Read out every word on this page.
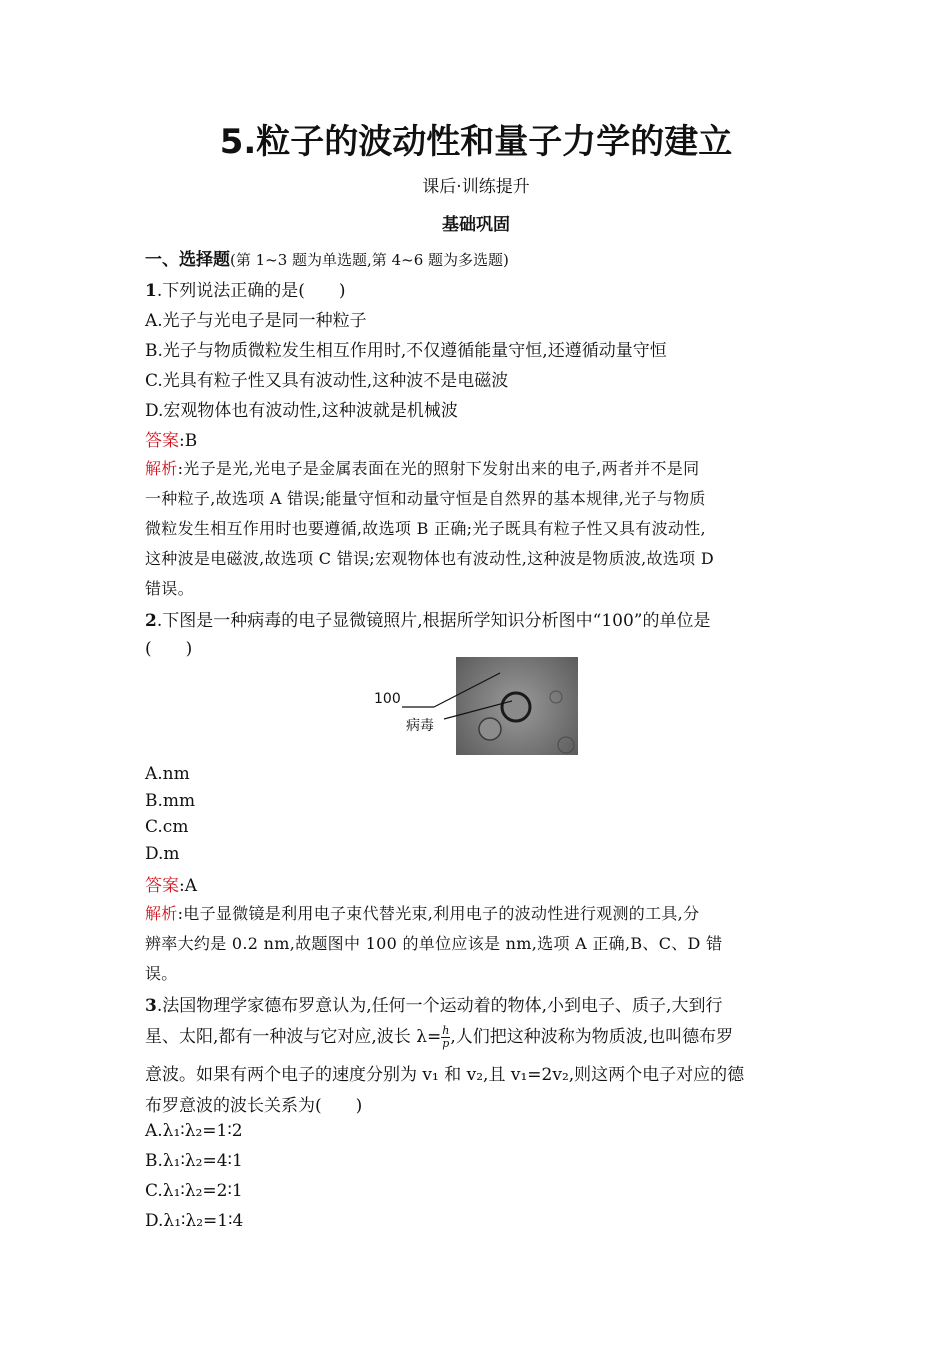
5.粒子的波动性和量子力学的建立
课后·训练提升
基础巩固
一、选择题(第 1~3 题为单选题,第 4~6 题为多选题)
1.下列说法正确的是(　　)
A.光子与光电子是同一种粒子
B.光子与物质微粒发生相互作用时,不仅遵循能量守恒,还遵循动量守恒
C.光具有粒子性又具有波动性,这种波不是电磁波
D.宏观物体也有波动性,这种波就是机械波
答案:B
解析:光子是光,光电子是金属表面在光的照射下发射出来的电子,两者并不是同
一种粒子,故选项 A 错误;能量守恒和动量守恒是自然界的基本规律,光子与物质
微粒发生相互作用时也要遵循,故选项 B 正确;光子既具有粒子性又具有波动性,
这种波是电磁波,故选项 C 错误;宏观物体也有波动性,这种波是物质波,故选项 D
错误。
2.下图是一种病毒的电子显微镜照片,根据所学知识分析图中“100”的单位是
(　　)
100
病毒
A.nm
B.mm
C.cm
D.m
答案:A
解析:电子显微镜是利用电子束代替光束,利用电子的波动性进行观测的工具,分
辨率大约是 0.2 nm,故题图中 100 的单位应该是 nm,选项 A 正确,B、C、D 错
误。
3.法国物理学家德布罗意认为,任何一个运动着的物体,小到电子、质子,大到行
星、太阳,都有一种波与它对应,波长 $\lambda= \frac{h}{p}$ ,人们把这种波称为物质波,也叫德布罗
意波。如果有两个电子的速度分别为 v₁ 和 v₂,且 v₁=2v₂,则这两个电子对应的德
布罗意波的波长关系为(　　)
A.λ₁∶λ₂=1∶2
B.λ₁∶λ₂=4∶1
C.λ₁∶λ₂=2∶1
D.λ₁∶λ₂=1∶4
